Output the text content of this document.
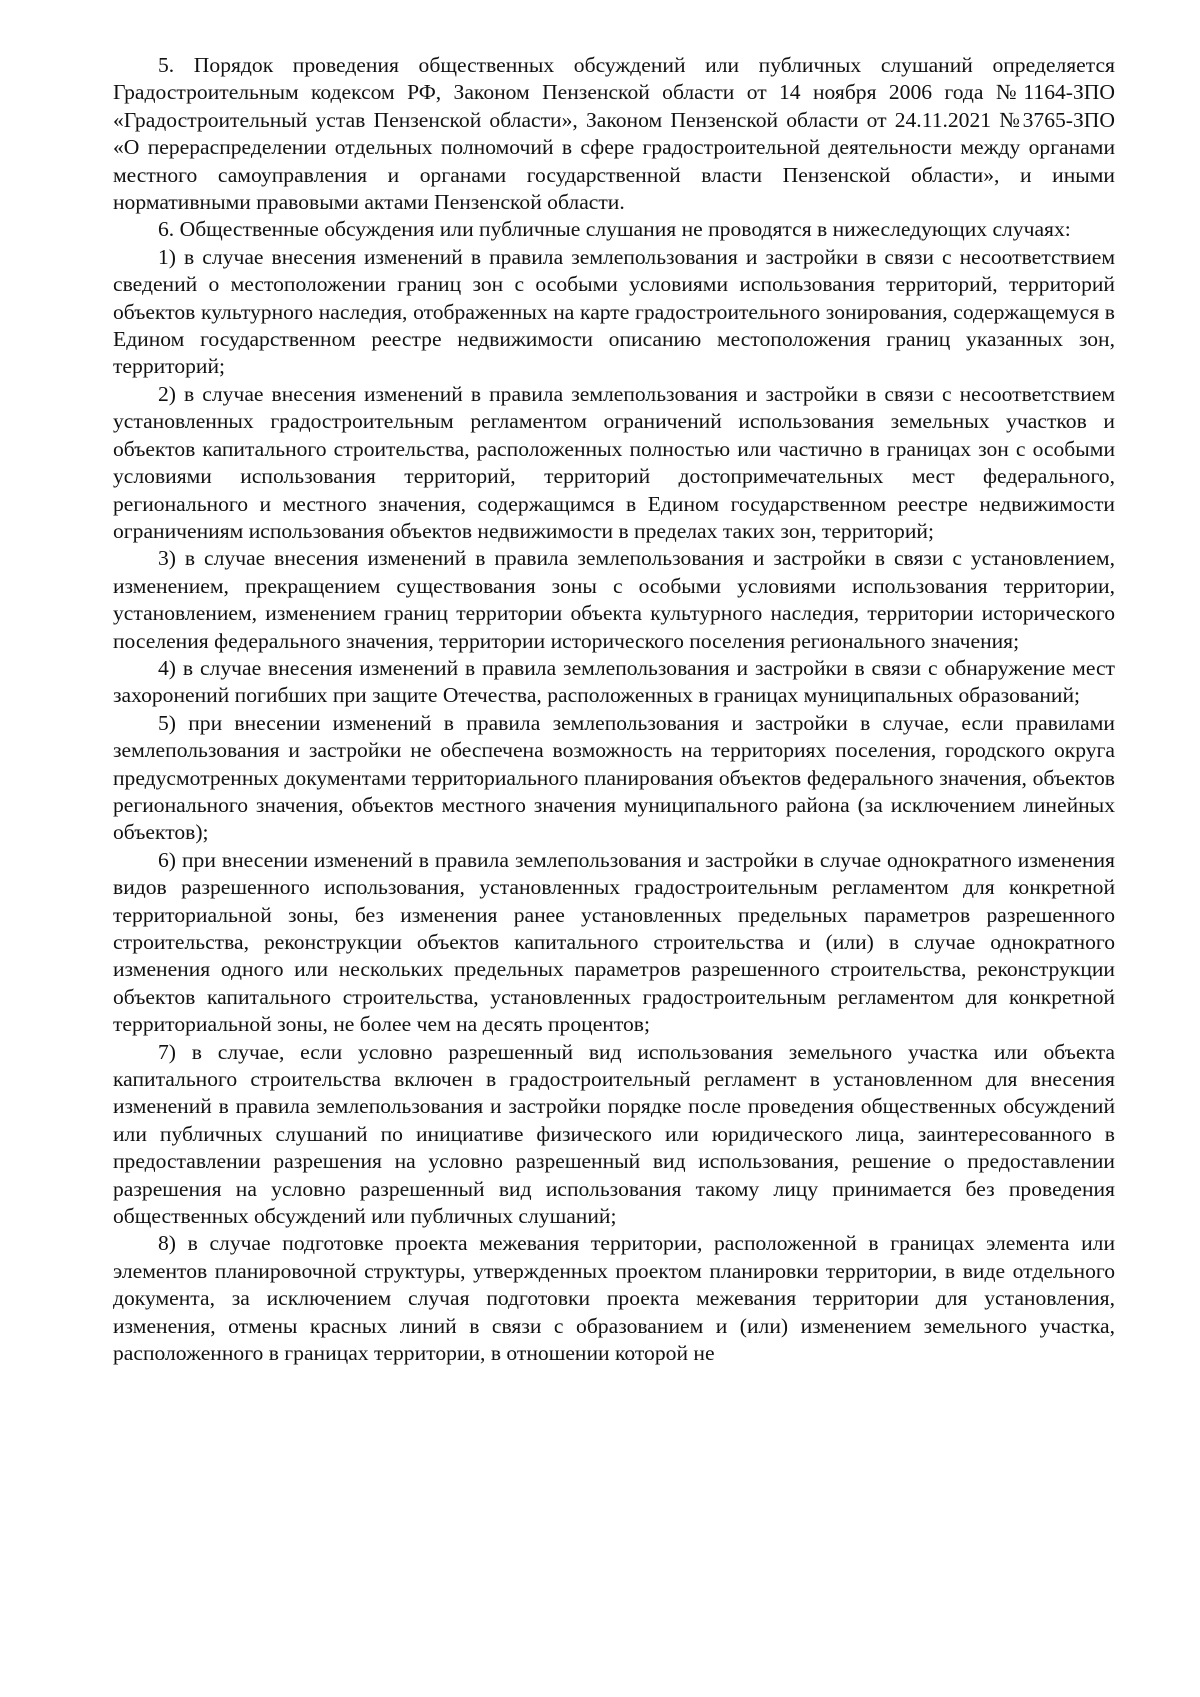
5. Порядок проведения общественных обсуждений или публичных слушаний определяется Градостроительным кодексом РФ, Законом Пензенской области от 14 ноября 2006 года №1164-ЗПО «Градостроительный устав Пензенской области», Законом Пензенской области от 24.11.2021 №3765-ЗПО «О перераспределении отдельных полномочий в сфере градостроительной деятельности между органами местного самоуправления и органами государственной власти Пензенской области», и иными нормативными правовыми актами Пензенской области.

6. Общественные обсуждения или публичные слушания не проводятся в нижеследующих случаях:

1) в случае внесения изменений в правила землепользования и застройки в связи с несоответствием сведений о местоположении границ зон с особыми условиями использования территорий, территорий объектов культурного наследия, отображенных на карте градостроительного зонирования, содержащемуся в Едином государственном реестре недвижимости описанию местоположения границ указанных зон, территорий;

2) в случае внесения изменений в правила землепользования и застройки в связи с несоответствием установленных градостроительным регламентом ограничений использования земельных участков и объектов капитального строительства, расположенных полностью или частично в границах зон с особыми условиями использования территорий, территорий достопримечательных мест федерального, регионального и местного значения, содержащимся в Едином государственном реестре недвижимости ограничениям использования объектов недвижимости в пределах таких зон, территорий;

3) в случае внесения изменений в правила землепользования и застройки в связи с установлением, изменением, прекращением существования зоны с особыми условиями использования территории, установлением, изменением границ территории объекта культурного наследия, территории исторического поселения федерального значения, территории исторического поселения регионального значения;

4) в случае внесения изменений в правила землепользования и застройки в связи с обнаружение мест захоронений погибших при защите Отечества, расположенных в границах муниципальных образований;

5) при внесении изменений в правила землепользования и застройки в случае, если правилами землепользования и застройки не обеспечена возможность на территориях поселения, городского округа предусмотренных документами территориального планирования объектов федерального значения, объектов регионального значения, объектов местного значения муниципального района (за исключением линейных объектов);

6) при внесении изменений в правила землепользования и застройки в случае однократного изменения видов разрешенного использования, установленных градостроительным регламентом для конкретной территориальной зоны, без изменения ранее установленных предельных параметров разрешенного строительства, реконструкции объектов капитального строительства и (или) в случае однократного изменения одного или нескольких предельных параметров разрешенного строительства, реконструкции объектов капитального строительства, установленных градостроительным регламентом для конкретной территориальной зоны, не более чем на десять процентов;

7) в случае, если условно разрешенный вид использования земельного участка или объекта капитального строительства включен в градостроительный регламент в установленном для внесения изменений в правила землепользования и застройки порядке после проведения общественных обсуждений или публичных слушаний по инициативе физического или юридического лица, заинтересованного в предоставлении разрешения на условно разрешенный вид использования, решение о предоставлении разрешения на условно разрешенный вид использования такому лицу принимается без проведения общественных обсуждений или публичных слушаний;

8) в случае подготовке проекта межевания территории, расположенной в границах элемента или элементов планировочной структуры, утвержденных проектом планировки территории, в виде отдельного документа, за исключением случая подготовки проекта межевания территории для установления, изменения, отмены красных линий в связи с образованием и (или) изменением земельного участка, расположенного в границах территории, в отношении которой не
